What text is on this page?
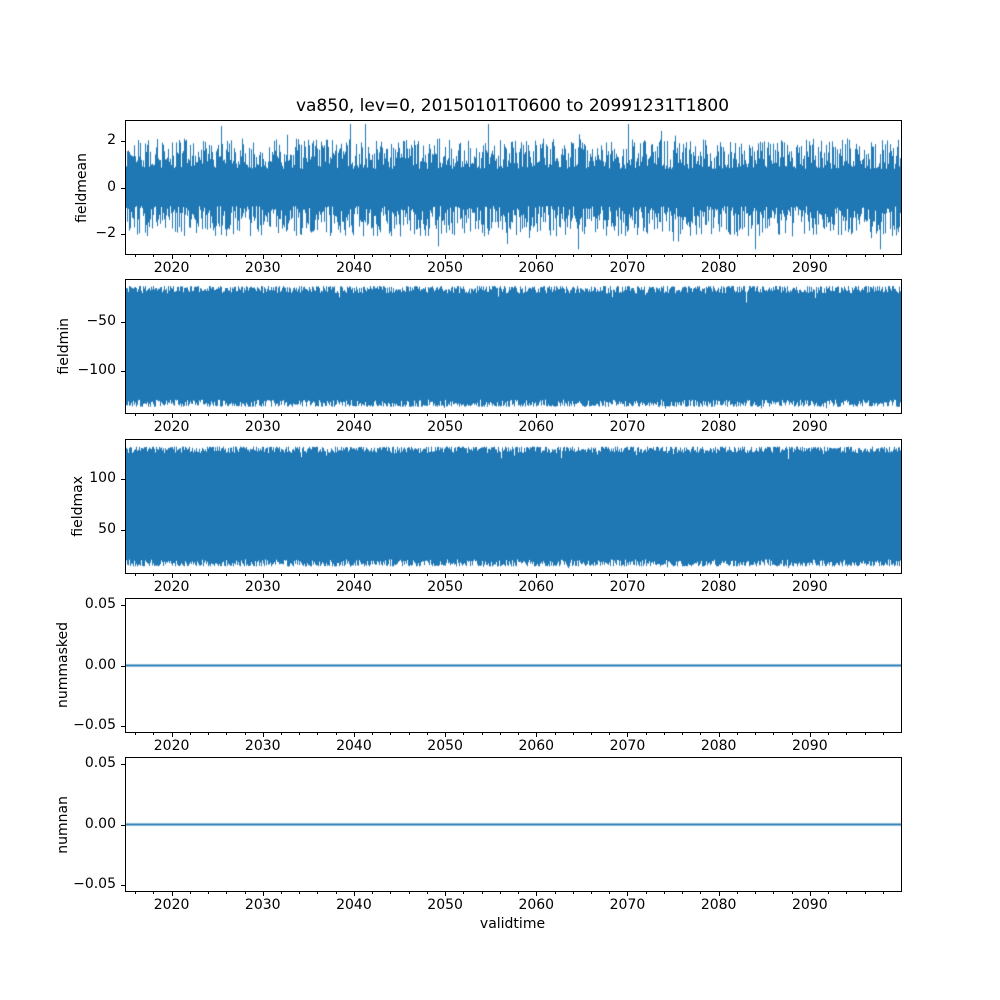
va850, lev=0, 20150101T0600 to 20991231T1800
2020	2030	2040	2050	2060	2070	2080	2090
2
0
−2
fieldmean
2020	2030	2040	2050	2060	2070	2080	2090
−50
−100
fieldmin
2020	2030	2040	2050	2060	2070	2080	2090
100
50
fieldmax
2020	2030	2040	2050	2060	2070	2080	2090
0.05
0.00
−0.05
nummasked
2020	2030	2040	2050	2060	2070	2080	2090
0.05
0.00
−0.05
numnan
validtime
